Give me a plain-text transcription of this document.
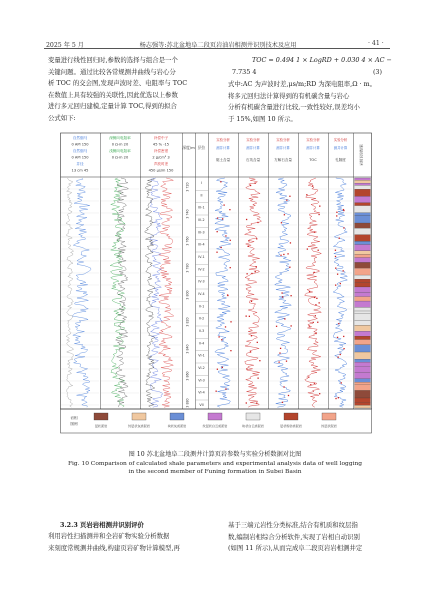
2025 年 5 月	杨志强等:苏北盆地阜二段页岩油岩相测井识别技术及应用	· 41 ·
变量进行线性回归时,参数的选择与组合是一个
关键问题。通过比较各常规测井曲线与岩心分
析 TOC 的交会图,发现声波时差、电阻率与 TOC
在数值上具有较强的关联性,因此优选以上参数
进行多元回归建模,定量计算 TOC,得到的拟合
公式如下:
TOC = 0.494 1 × LogRD + 0.030 4 × AC −
7.735 4	(3)
式中:AC 为声波时差,μs/m;RD 为深电阻率,Ω · m。
将多元回归法计算得到的有机碳含量与岩心
分析有机碳含量进行比较,一致性较好,误差均小
于 15%,如图 10 所示。
自然伽马
0 API 150
自然伽马
0 API 150
井径
13 cm 45
深侧向电阻率
0 Ω·m 20
浅侧向电阻率
0 Ω·m 20
补偿中子
45 % -15
补偿密度
2 g/cm³ 3
声波时差
450 μs/m 150
深度/m 层位
实验分析
测井计算
黏土含量
实验分析
测井计算
石英含量
实验分析
测井计算
方解石含量
实验分析
测井计算
TOC
实验分析
测井计算
孔隙度	岩相识别结果
3 720
3 740
3 760
3 780
3 800
3 820
3 840
3 860
3 880
I
II
III-1
III-2
III-3
III-4
IV-1
IV-2
IV-3
IV-4
V-1
V-2
V-3
V-4
VI-1
VI-2
VI-3
VI-4
VII
岩相
图例	层状泥岩	纹层状灰质泥岩	块状灰质泥岩	纹层状白云质泥岩	块状白云质泥岩	层状粉砂质泥岩	纹层状泥岩
图 10 苏北盆地阜二段测井计算页岩参数与实验分析数据对比图
Fig. 10 Comparison of calculated shale parameters and experimental analysis data of well logging
in the second member of Funing formation in Subei Basin
3.2.3 页岩岩相测井识别评价
利用岩性扫描测井和全岩矿物实验分析数据
来刻度常规测井曲线,构建页岩矿物计算模型,再
基于三端元岩性分类标准,结合有机质和纹层指
数,编制岩相综合分析软件,实现了岩相自动识别
(如图 11 所示),从而完成阜二段页岩岩相测井定
